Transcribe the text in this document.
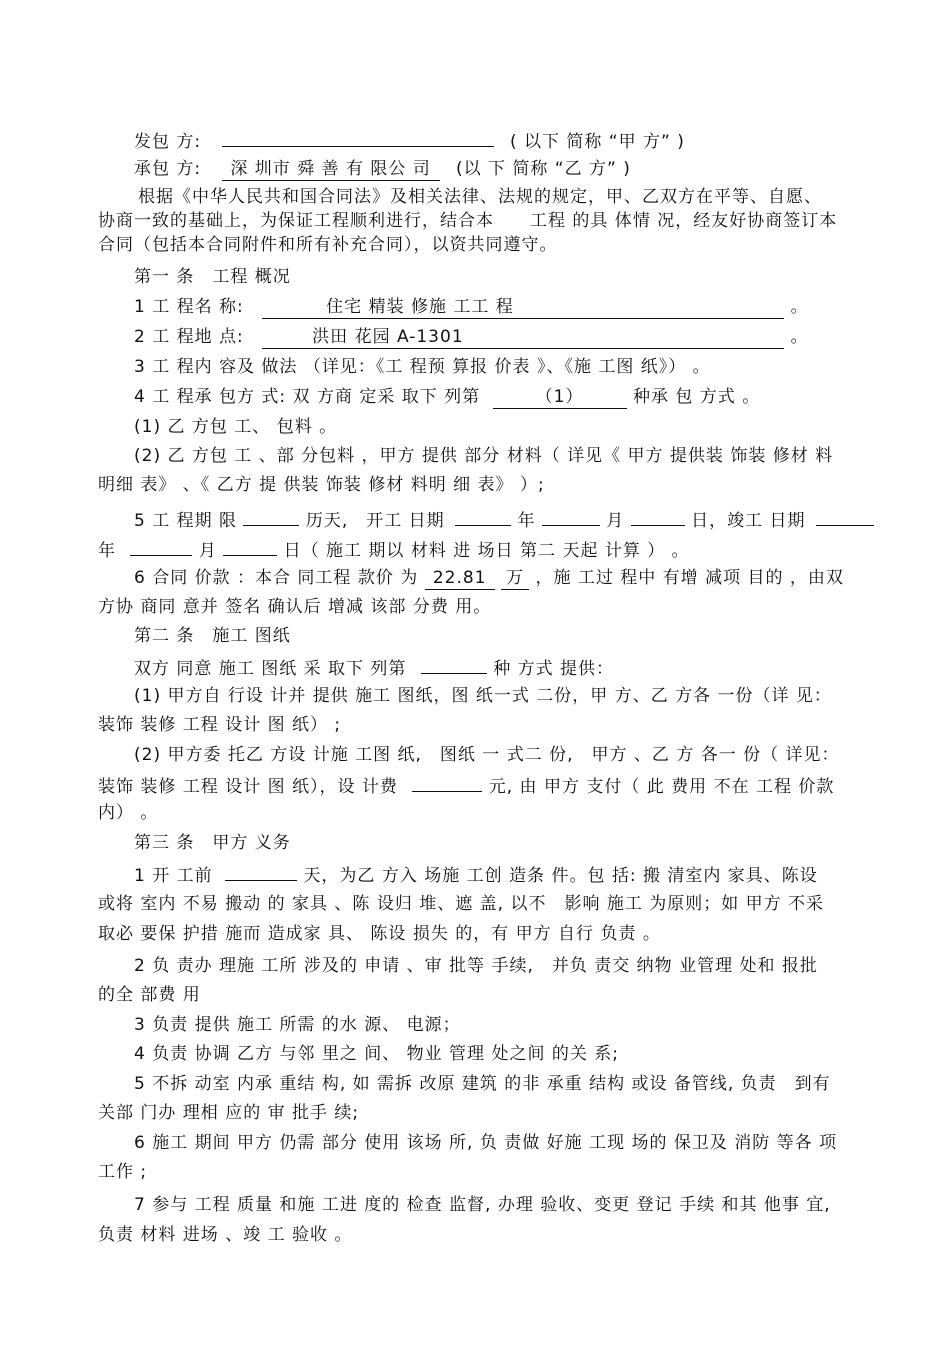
发包 方:	( 以下 简称 “甲 方” )
承包 方: 深 圳市 舜 善 有 限公 司 (以 下 简称 “乙 方” )
根据《中华人民共和国合同法》及相关法律、法规的规定，甲、乙双方在平等、自愿、
协商一致的基础上，为保证工程顺利进行，结合本　　工程 的具 体情 况，经友好协商签订本
合同（包括本合同附件和所有补充合同），以资共同遵守。
第一 条　工程 概况
1 工 程名 称:	住宅 精装 修施 工工 程	。
2 工 程地 点:	洪田 花园 A-1301	。
3 工 程内 容及 做法 （详见：《工 程预 算报 价表 》、《施 工图 纸》） 。
4 工 程承 包方 式: 双 方商 定采 取下 列第	（1）	种承 包 方式 。
(1) 乙 方包 工、 包料 。
(2) 乙 方包 工 、部 分包料 ，甲方 提供 部分 材料（ 详见《 甲方 提供装 饰装 修材 料
明细 表》 、《 乙方 提 供装 饰装 修材 料明 细 表》 ）;
5 工 程期 限	历天,　开工 日期	年	月	日，竣工 日期
年	月	日（ 施工 期以 材料 进 场日 第二 天起 计算 ） 。
6 合同 价款 ：本合 同工程 款价 为 22.81 万 ，施 工过 程中 有增 减项 目的 ，由双
方协 商同 意并 签名 确认后 增减 该部 分费 用。
第二 条　施工 图纸
双方 同意 施工 图纸 采 取下 列第	种 方式 提供：
(1) 甲方自 行设 计并 提供 施工 图纸，图 纸一式 二份，甲 方、乙 方各 一份（详 见：
装饰 装修 工程 设计 图 纸） ;
(2) 甲方委 托乙 方设 计施 工图 纸,　图纸 一 式二 份,　甲方 、乙 方 各一 份（ 详见：
装饰 装修 工程 设计 图 纸），设 计费	元, 由 甲方 支付（ 此 费用 不在 工程 价款
内） 。
第三 条　甲方 义务
1 开 工前	天，为乙 方入 场施 工创 造条 件。包 括: 搬 清室内 家具、陈设
或将 室内 不易 搬动 的 家具 、陈 设归 堆、遮 盖, 以不　影响 施工 为原则；如 甲方 不采
取必 要保 护措 施而 造成家 具、 陈设 损失 的，有 甲方 自行 负责 。
2 负 责办 理施 工所 涉及的 申请 、审 批等 手续,　并负 责交 纳物 业管理 处和 报批
的全 部费 用
3 负责 提供 施工 所需 的水 源、 电源；
4 负责 协调 乙方 与邻 里之 间、 物业 管理 处之间 的关 系;
5 不拆 动室 内承 重结 构, 如 需拆 改原 建筑 的非 承重 结构 或设 备管线, 负责　到有
关部 门办 理相 应的 审 批手 续;
6 施工 期间 甲方 仍需 部分 使用 该场 所, 负 责做 好施 工现 场的 保卫及 消防 等各 项
工作 ;
7 参与 工程 质量 和施 工进 度的 检查 监督, 办理 验收、变更 登记 手续 和其 他事 宜,
负责 材料 进场 、竣 工 验收 。
